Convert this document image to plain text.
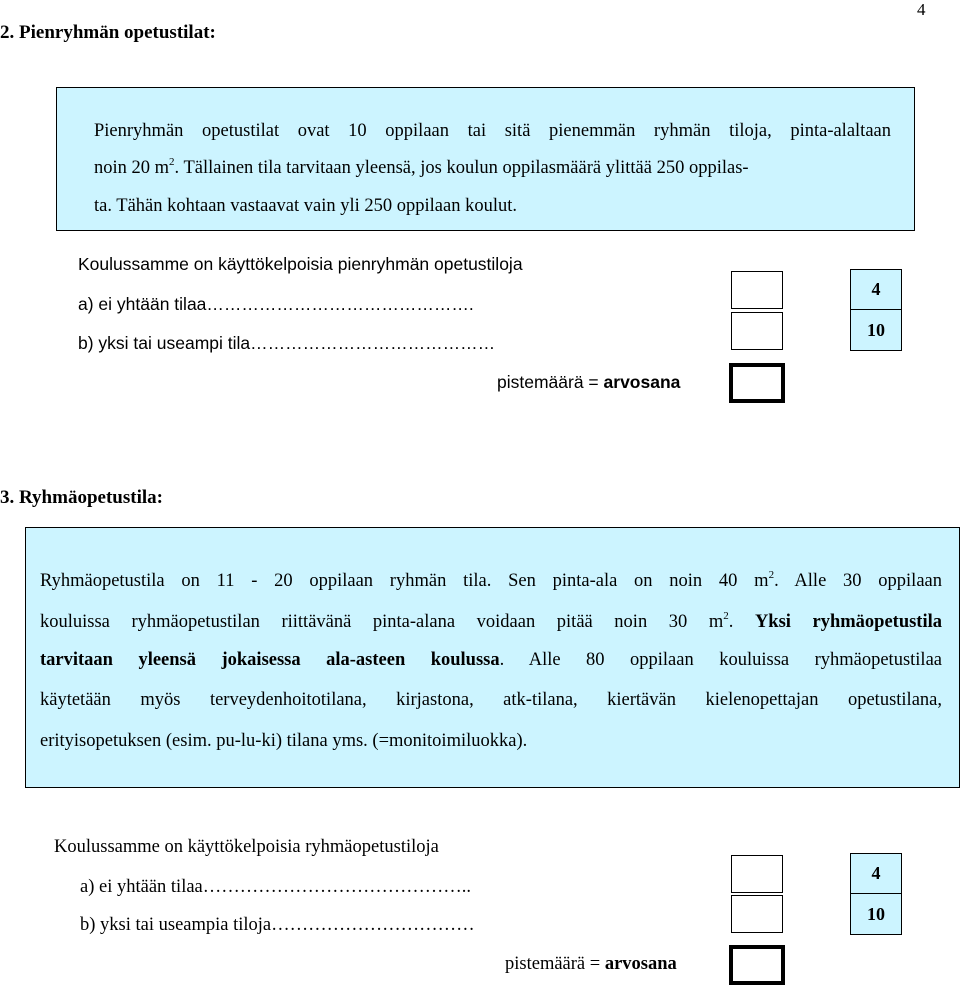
4
2. Pienryhmän opetustilat:
Pienryhmän opetustilat ovat 10 oppilaan tai sitä pienemmän ryhmän tiloja, pinta-alaltaan
noin 20 $m^2$. Tällainen tila tarvitaan yleensä, jos koulun oppilasmäärä ylittää 250 oppilas-
ta. Tähän kohtaan vastaavat vain yli 250 oppilaan koulut.
Koulussamme on käyttökelpoisia pienryhmän opetustiloja
a) ei yhtään tilaa……………………………………….
b) yksi tai useampi tila……………………………………
pistemäärä = arvosana
4
10
3. Ryhmäopetustila:
Ryhmäopetustila on 11 - 20 oppilaan ryhmän tila. Sen pinta-ala on noin 40 $m^2$. Alle 30 oppilaan
kouluissa ryhmäopetustilan riittävänä pinta-alana voidaan pitää noin 30 $m^2$. Yksi ryhmäopetustila
tarvitaan yleensä jokaisessa ala-asteen koulussa. Alle 80 oppilaan kouluissa ryhmäopetustilaa
käytetään myös terveydenhoitotilana, kirjastona, atk-tilana, kiertävän kielenopettajan opetustilana,
erityisopetuksen (esim. pu-lu-ki) tilana yms. (=monitoimiluokka).
Koulussamme on käyttökelpoisia ryhmäopetustiloja
a) ei yhtään tilaa……………………………………..
b) yksi tai useampia tiloja……………………………
pistemäärä = arvosana
4
10
